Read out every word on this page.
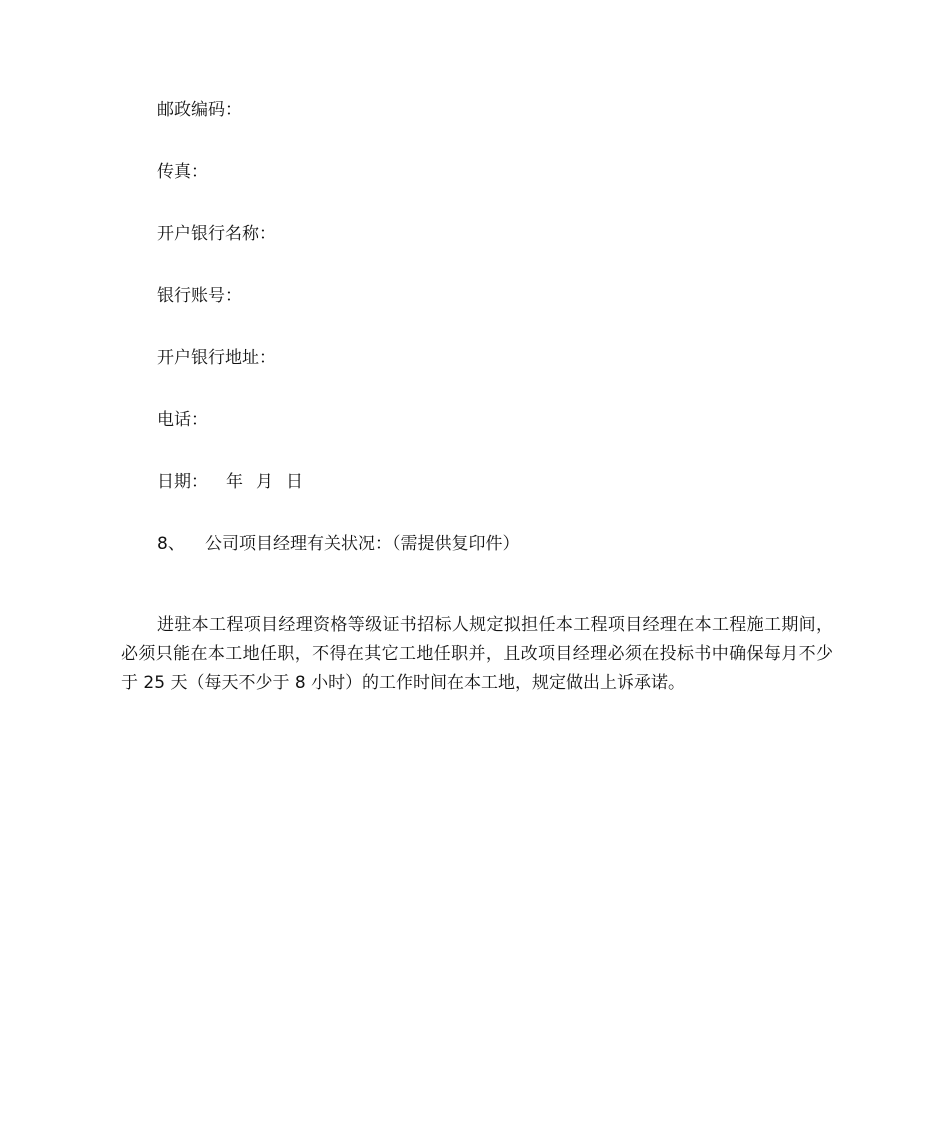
邮政编码：
传真：
开户银行名称：
银行账号：
开户银行地址：
电话：
日期： 年 月 日
8、 公司项目经理有关状况：（需提供复印件）

进驻本工程项目经理资格等级证书招标人规定拟担任本工程项目经理在本工程施工期间，必须只能在本工地任职，不得在其它工地任职并，且改项目经理必须在投标书中确保每月不少于 25 天（每天不少于 8 小时）的工作时间在本工地，规定做出上诉承诺。
